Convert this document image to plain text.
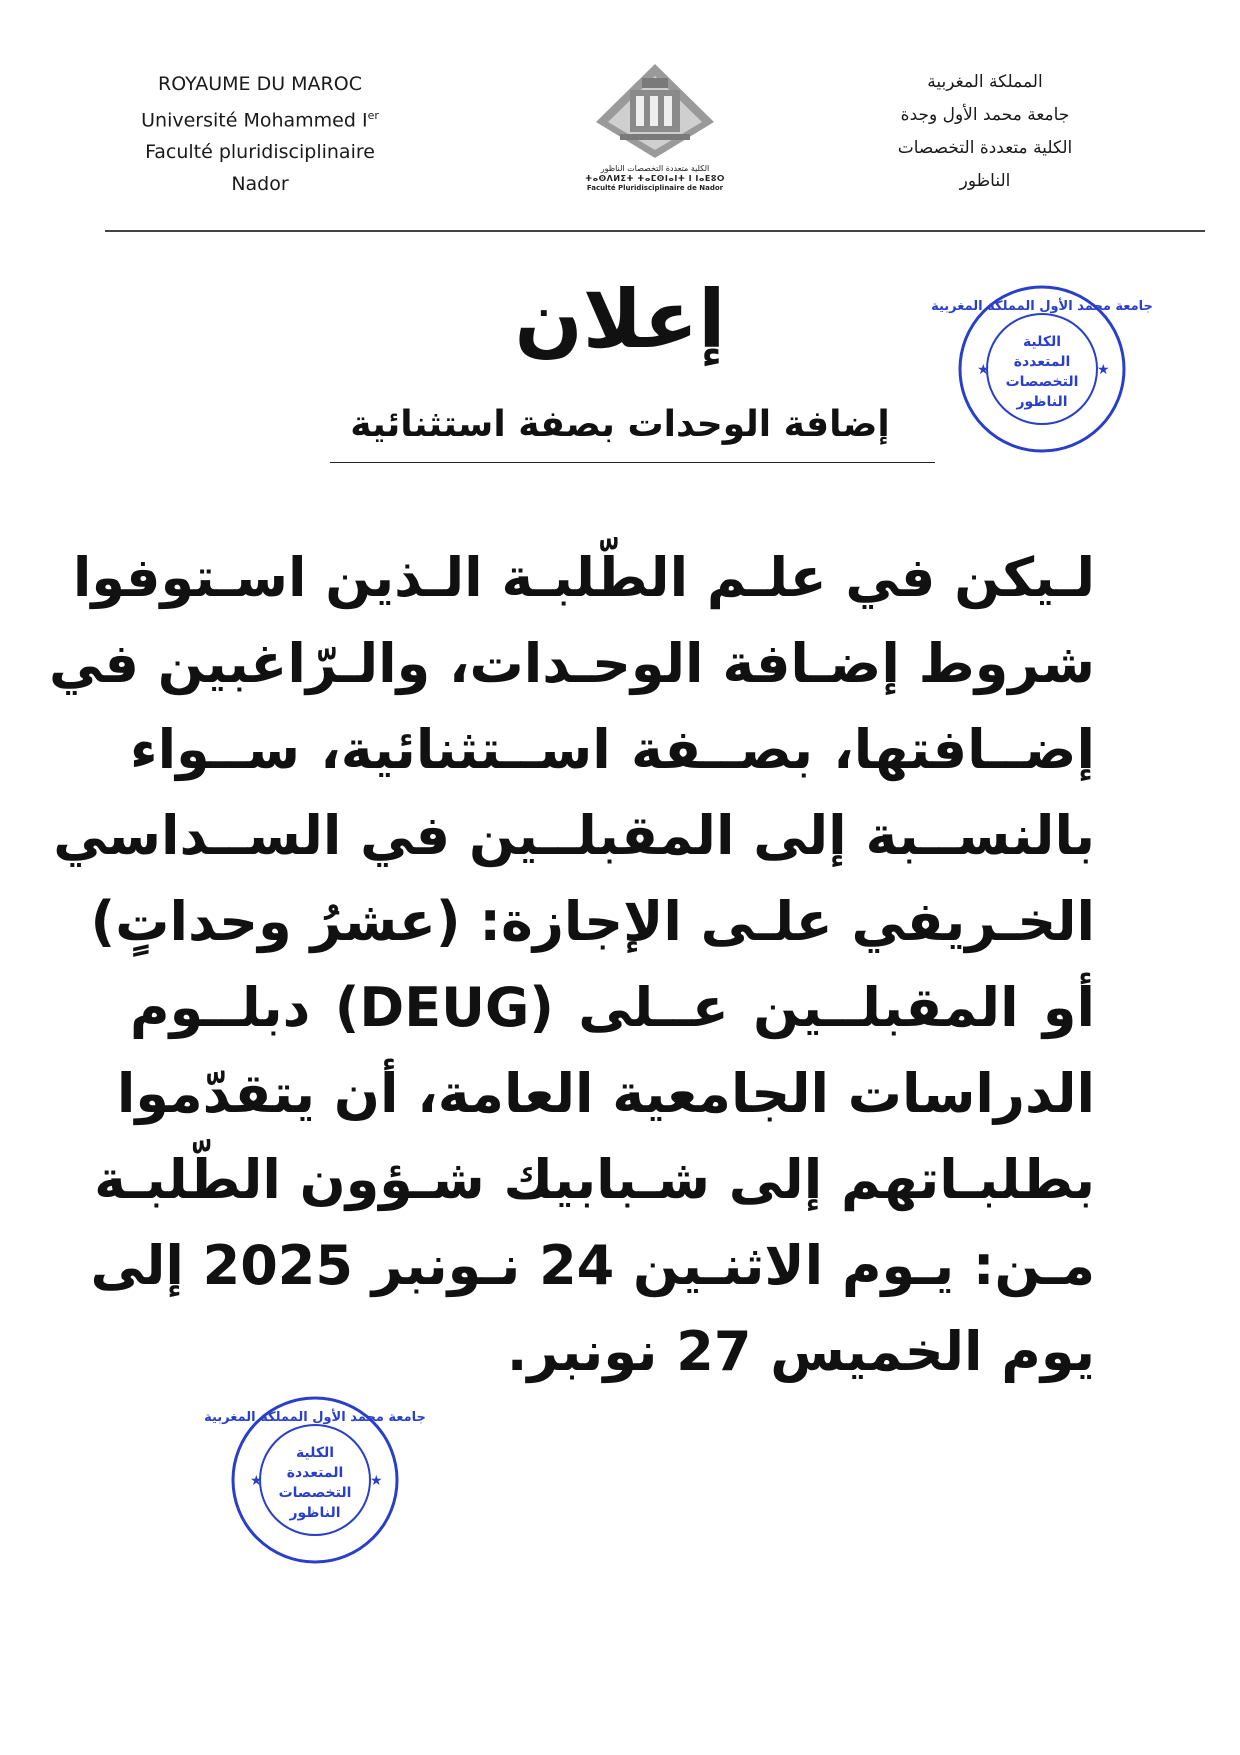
ROYAUME DU MAROC
Université Mohammed Ier
Faculté pluridisciplinaire
Nador
الكلية متعددة التخصصات الناظور
ⵜⴰⵙⴷⵍⵉⵜ ⵜⴰⵎⵙⵏⴰⵏⵜ ⵏ ⵏⴰⴹⵓⵔ
Faculté Pluridisciplinaire de Nador
المملكة المغربية
جامعة محمد الأول وجدة
الكلية متعددة التخصصات
الناظور
جامعة محمد الأول المملكة المغربية
الكلية
المتعددة
التخصصات
الناظور
★	★
إعلان
إضافة الوحدات بصفة استثنائية
لـيكن في علـم الطّلبـة الـذين اسـتوفوا
شروط إضـافة الوحـدات، والـرّاغبين في
إضــافتها، بصــفة اســتثنائية، ســواء
بالنســبة إلى المقبلــين في الســداسي
الخـريفي علـى الإجازة: (عشرُ وحداتٍ)
أو المقبلــين عــلى (DEUG) دبلــوم
الدراسات الجامعية العامة، أن يتقدّموا
بطلبـاتهم إلى شـبابيك شـؤون الطّلبـة
مـن: يـوم الاثنـين 24 نـونبر 2025 إلى
يوم الخميس 27 نونبر.
جامعة محمد الأول المملكة المغربية
الكلية
المتعددة
التخصصات
الناظور
★	★
